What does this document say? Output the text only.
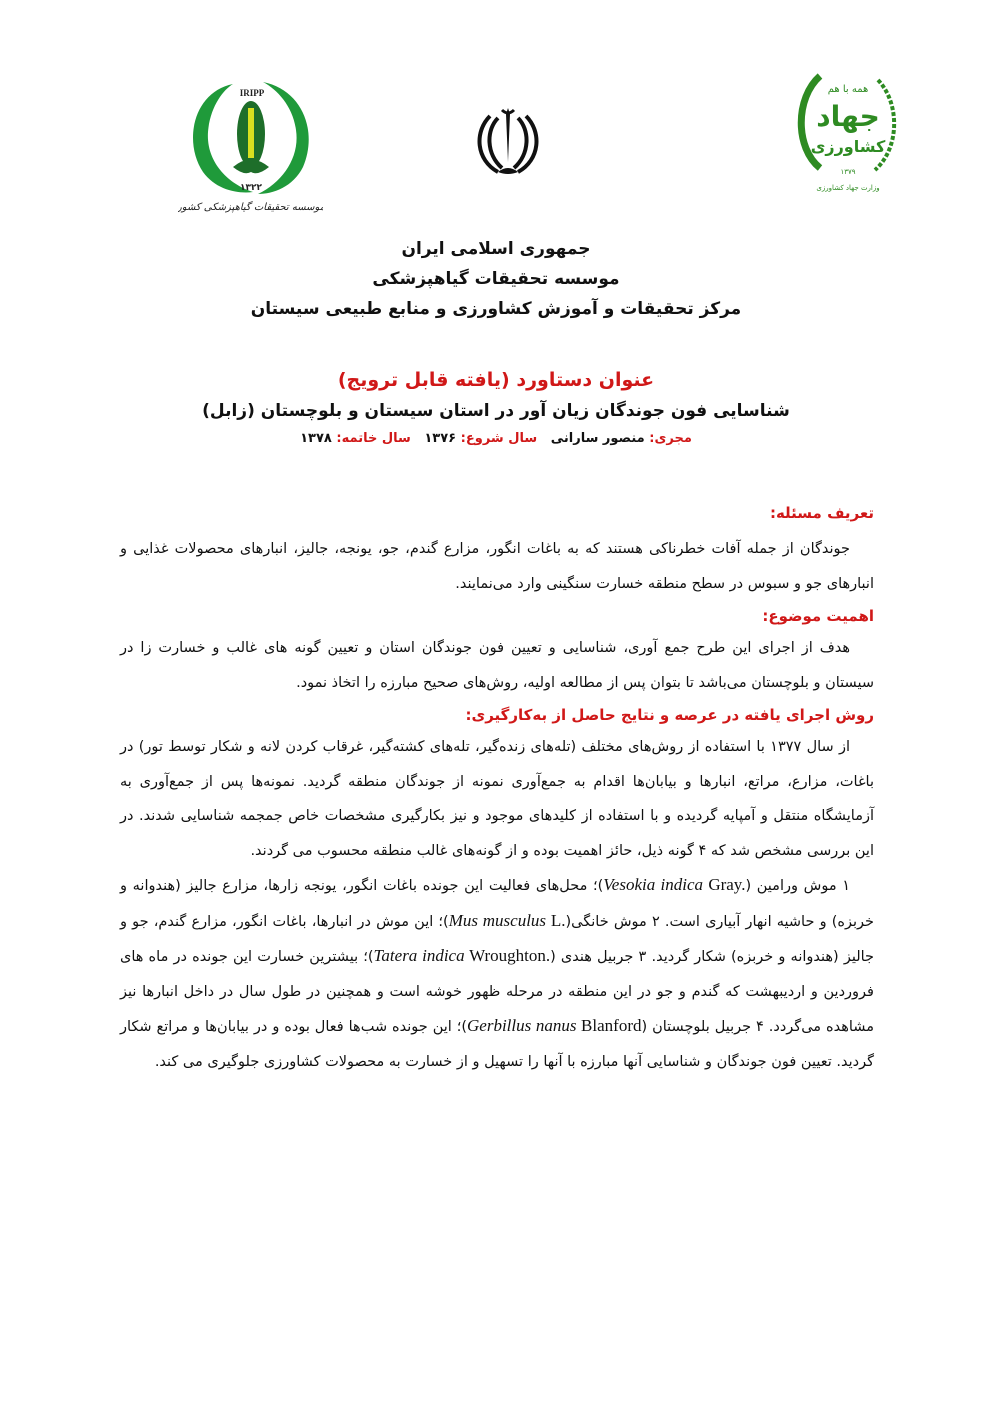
IRIPP
۱۳۲۲
موسسه تحقیقات گیاهپزشکی کشور
همه با هم
جهاد
کشاورزی
۱۳۷۹
وزارت جهاد کشاورزی
جمهوری اسلامی ایران
موسسه تحقیقات گیاهپزشکی
مرکز تحقیقات و آموزش کشاورزی و منابع طبیعی سیستان
عنوان دستاورد (یافته قابل ترویج)
شناسایی فون جوندگان زیان آور در استان سیستان و بلوچستان (زابل)
مجری: منصور سارانی   سال شروع: ۱۳۷۶   سال خاتمه: ۱۳۷۸

تعریف مسئله:

جوندگان از جمله آفات خطرناکی هستند که به باغات انگور، مزارع گندم، جو، یونجه، جالیز، انبارهای محصولات غذایی و انبارهای جو و سبوس در سطح منطقه خسارت سنگینی وارد می‌نمایند.

اهمیت موضوع:

هدف از اجرای این طرح جمع آوری، شناسایی و تعیین فون جوندگان استان و تعیین گونه های غالب و خسارت زا در سیستان و بلوچستان می‌باشد تا بتوان پس از مطالعه اولیه، روش‌های صحیح مبارزه را اتخاذ نمود.

روش اجرای یافته در عرصه و نتایج حاصل از به‌کارگیری:

از سال ۱۳۷۷ با استفاده از روش‌های مختلف (تله‌های زنده‌گیر، تله‌های کشته‌گیر، غرقاب کردن لانه و شکار توسط تور) در باغات، مزارع، مراتع، انبارها و بیابان‌ها اقدام به جمع‌آوری نمونه از جوندگان منطقه گردید. نمونه‌ها پس از جمع‌آوری به آزمایشگاه منتقل و آمپایه گردیده و با استفاده از کلیدهای موجود و نیز بکارگیری مشخصات خاص جمجمه شناسایی شدند. در این بررسی مشخص شد که ۴ گونه ذیل، حائز اهمیت بوده و از گونه‌های غالب منطقه محسوب می گردند.

۱ موش ورامین (Vesokia indica Gray.)؛ محل‌های فعالیت این جونده باغات انگور، یونجه زارها، مزارع جالیز (هندوانه و خربزه) و حاشیه انهار آبیاری است. ۲ موش خانگی(Mus musculus L.)؛ این موش در انبارها، باغات انگور، مزارع گندم، جو و جالیز (هندوانه و خربزه) شکار گردید. ۳ جربیل هندی (Tatera indica Wroughton.)؛ بیشترین خسارت این جونده در ماه های فروردین و اردیبهشت که گندم و جو در این منطقه در مرحله ظهور خوشه است و همچنین در طول سال در داخل انبارها نیز مشاهده می‌گردد. ۴ جربیل بلوچستان (Gerbillus nanus Blanford)؛ این جونده شب‌ها فعال بوده و در بیابان‌ها و مراتع شکار گردید. تعیین فون جوندگان و شناسایی آنها مبارزه با آنها را تسهیل و از خسارت به محصولات کشاورزی جلوگیری می کند.
